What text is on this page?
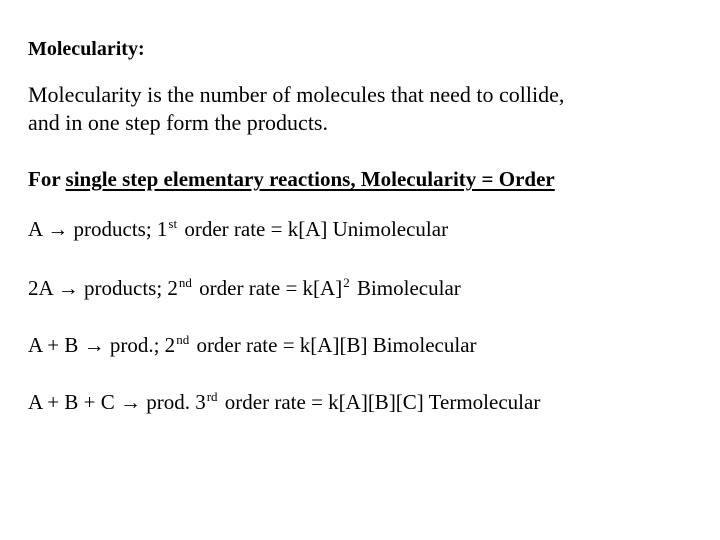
Molecularity:
Molecularity is the number of molecules that need to collide,
and in one step form the products.
For single step elementary reactions, Molecularity = Order
A → products; 1st order rate = k[A] Unimolecular
2A → products; 2nd order rate = $k[A]^2$ Bimolecular
A + B → prod.; 2nd order rate = k[A][B] Bimolecular
A + B + C → prod. 3rd order rate = k[A][B][C] Termolecular
